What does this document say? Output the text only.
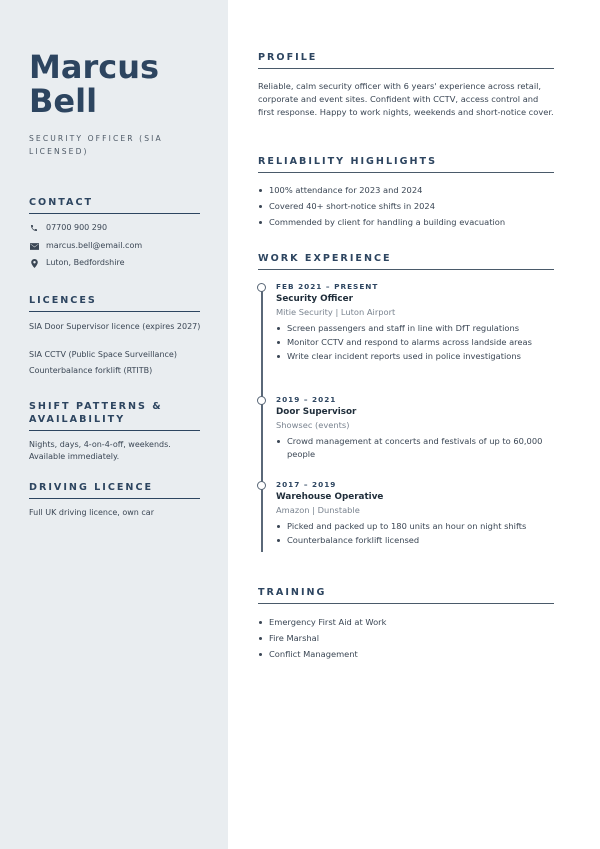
Marcus
Bell
SECURITY OFFICER (SIA LICENSED)
CONTACT
07700 900 290
marcus.bell@email.com
Luton, Bedfordshire
LICENCES
SIA Door Supervisor licence (expires 2027)
SIA CCTV (Public Space Surveillance)
Counterbalance forklift (RTITB)
SHIFT PATTERNS & AVAILABILITY
Nights, days, 4-on-4-off, weekends. Available immediately.
DRIVING LICENCE
Full UK driving licence, own car
PROFILE

Reliable, calm security officer with 6 years' experience across retail, corporate and event sites. Confident with CCTV, access control and first response. Happy to work nights, weekends and short-notice cover.

RELIABILITY HIGHLIGHTS
100% attendance for 2023 and 2024
Covered 40+ short-notice shifts in 2024
Commended by client for handling a building evacuation
WORK EXPERIENCE
FEB 2021 – PRESENT
Security Officer
Mitie Security | Luton Airport
Screen passengers and staff in line with DfT regulations
Monitor CCTV and respond to alarms across landside areas
Write clear incident reports used in police investigations
2019 – 2021
Door Supervisor
Showsec (events)
Crowd management at concerts and festivals of up to 60,000 people
2017 – 2019
Warehouse Operative
Amazon | Dunstable
Picked and packed up to 180 units an hour on night shifts
Counterbalance forklift licensed
TRAINING
Emergency First Aid at Work
Fire Marshal
Conflict Management
